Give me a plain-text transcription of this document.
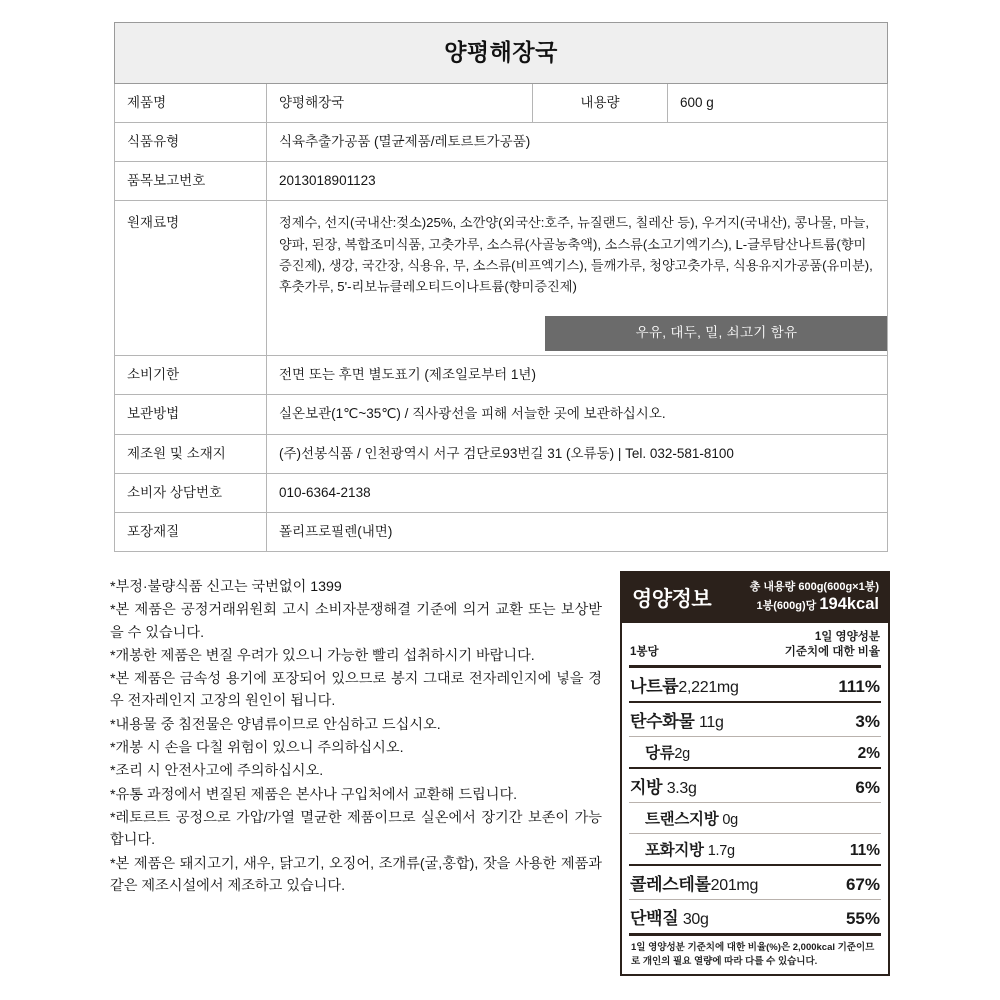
양평해장국			
제품명	양평해장국	내용량	600 g
식품유형	식육추출가공품 (멸균제품/레토르트가공품)		
품목보고번호	2013018901123		
원재료명	정제수, 선지(국내산:젖소)25%, 소깐양(외국산:호주, 뉴질랜드, 칠레산 등), 우거지(국내산), 콩나물, 마늘, 양파, 된장, 복합조미식품, 고춧가루, 소스류(사골농축액), 소스류(소고기엑기스), L-글루탐산나트륨(향미증진제), 생강, 국간장, 식용유, 무, 소스류(비프엑기스), 들깨가루, 청양고춧가루, 식용유지가공품(유미분), 후춧가루, 5'-리보뉴클레오티드이나트륨(향미증진제)
우유, 대두, 밀, 쇠고기 함유		

소비기한	전면 또는 후면 별도표기 (제조일로부터 1년)		
보관방법	실온보관(1℃~35℃) / 직사광선을 피해 서늘한 곳에 보관하십시오.		
제조원 및 소재지	(주)선봉식품 / 인천광역시 서구 검단로93번길 31 (오류동) | Tel. 032-581-8100		
소비자 상담번호	010-6364-2138		
포장재질	폴리프로필렌(내면)		

*부정·불량식품 신고는 국번없이 1399

*본 제품은 공정거래위원회 고시 소비자분쟁해결 기준에 의거 교환 또는 보상받을 수 있습니다.

*개봉한 제품은 변질 우려가 있으니 가능한 빨리 섭취하시기 바랍니다.

*본 제품은 금속성 용기에 포장되어 있으므로 봉지 그대로 전자레인지에 넣을 경우 전자레인지 고장의 원인이 됩니다.

*내용물 중 침전물은 양념류이므로 안심하고 드십시오.

*개봉 시 손을 다칠 위험이 있으니 주의하십시오.

*조리 시 안전사고에 주의하십시오.

*유통 과정에서 변질된 제품은 본사나 구입처에서 교환해 드립니다.

*레토르트 공정으로 가압/가열 멸균한 제품이므로 실온에서 장기간 보존이 가능합니다.

*본 제품은 돼지고기, 새우, 닭고기, 오징어, 조개류(굴,홍합), 잣을 사용한 제품과 같은 제조시설에서 제조하고 있습니다.

영양정보
총 내용량 600g(600g×1봉)
1봉(600g)당 194kcal
1봉당
1일 영양성분
기준치에 대한 비율
나트륨2,221mg	111%
탄수화물 11g	3%
당류2g	2%
지방 3.3g	6%
트랜스지방 0g
포화지방 1.7g	11%
콜레스테롤201mg	67%
단백질 30g	55%
1일 영양성분 기준치에 대한 비율(%)은 2,000kcal 기준이므로 개인의 필요 열량에 따라 다를 수 있습니다.
